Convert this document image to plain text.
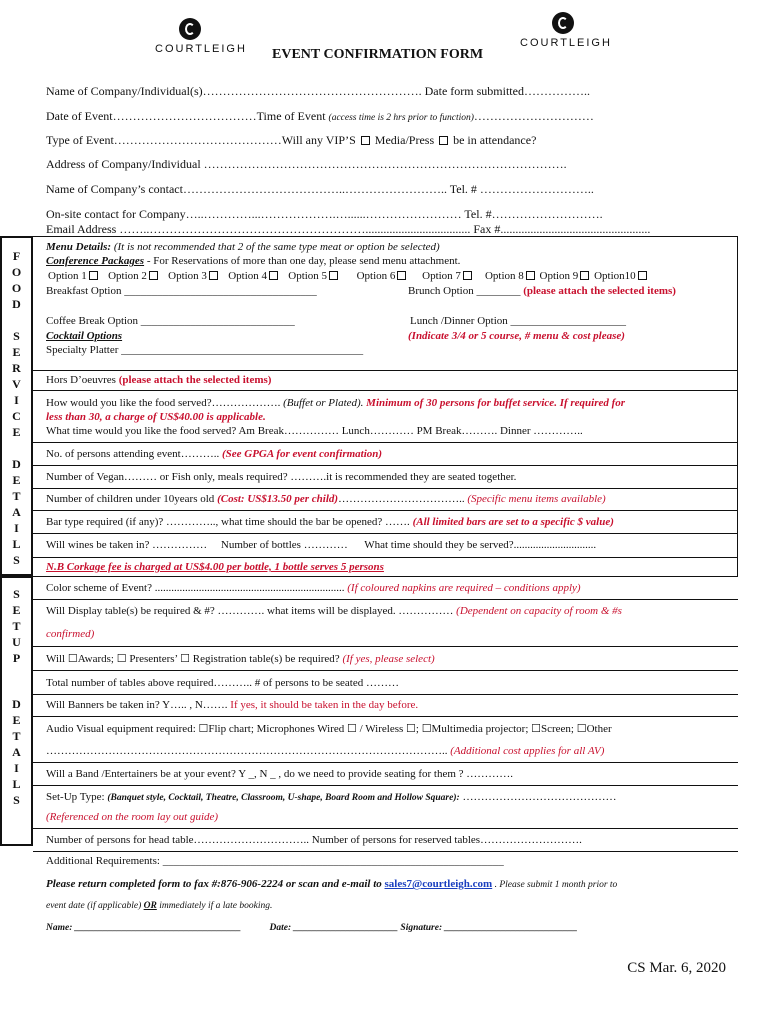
COURTLEIGH
	COURTLEIGH

EVENT CONFIRMATION FORM
Name of Company/Individual(s)………………………………………………. Date form submitted……………..
Date of Event………………………………Time of Event (access time is 2 hrs prior to function)…………………………
Type of Event……………………………………Will any VIP’S  Media/Press  be in attendance?
Address of Company/Individual ……………………………………………………………………………….
Name of Company’s contact…………………………………..…………………….. Tel. # ………………………..
On-site contact for Company…..…………...……………….…......…………………… Tel. #……………………….
Email Address ……..………………………………………………................................... Fax #..................................................
F
O
O
D
S
E
R
V
I
C
E
D
E
T
A
I
L
S
Menu Details: (It is not recommended that 2 of the same type meat or option be selected)
Conference Packages - For Reservations of more than one day, please send menu attachment.
Option 1 Option 2 Option 3 Option 4 Option 5	Option 6 Option 7 Option 8 Option 9 Option10
Breakfast Option ___________________________________	Brunch Option ________ (please attach the selected items)
Coffee Break Option ____________________________	Lunch /Dinner Option _____________________
Cocktail Options	(Indicate 3/4 or 5 course, # menu & cost please)
Specialty Platter ____________________________________________
Hors D’oeuvres (please attach the selected items)
How would you like the food served?………………. (Buffet or Plated). Minimum of 30 persons for buffet service. If required for
less than 30, a charge of US$40.00 is applicable.
What time would you like the food served? Am Break…………… Lunch………… PM Break………. Dinner …………..
No. of persons attending event……….. (See GPGA for event confirmation)
Number of Vegan……… or Fish only, meals required? ……….it is recommended they are seated together.
Number of children under 10years old (Cost: US$13.50 per child)…………………………….. (Specific menu items available)
Bar type required (if any)? ………….., what time should the bar be opened? ……. (All limited bars are set to a specific $ value)
Will wines be taken in? …………… Number of bottles ………… What time should they be served?..............................
N.B Corkage fee is charged at US$4.00 per bottle, 1 bottle serves 5 persons
S
E
T
U
P
D
E
T
A
I
L
S
Color scheme of Event? ..................................................................... (If coloured napkins are required – conditions apply)
Will Display table(s) be required & #? …………. what items will be displayed. …………… (Dependent on capacity of room & #s
confirmed)
Will ☐Awards; ☐ Presenters’ ☐ Registration table(s) be required? (If yes, please select)
Total number of tables above required……….. # of persons to be seated ………
Will Banners be taken in? Y….. , N……. If yes, it should be taken in the day before.
Audio Visual equipment required: ☐Flip chart; Microphones Wired ☐ / Wireless ☐; ☐Multimedia projector; ☐Screen; ☐Other
……………………………………………………………………………………………….. (Additional cost applies for all AV)
Will a Band /Entertainers be at your event? Y _, N _ , do we need to provide seating for them ? ………….
Set-Up Type: (Banquet style, Cocktail, Theatre, Classroom, U-shape, Board Room and Hollow Square): ……………………………………
(Referenced on the room lay out guide)
Number of persons for head table………………………….. Number of persons for reserved tables……………………….
Additional Requirements: ______________________________________________________________
Please return completed form to fax #:876-906-2224 or scan and e-mail to sales7@courtleigh.com . Please submit 1 month prior to
event date (if applicable) OR immediately if a late booking.
Name: ___________________________________	Date: ______________________ Signature: ____________________________
CS Mar. 6, 2020
